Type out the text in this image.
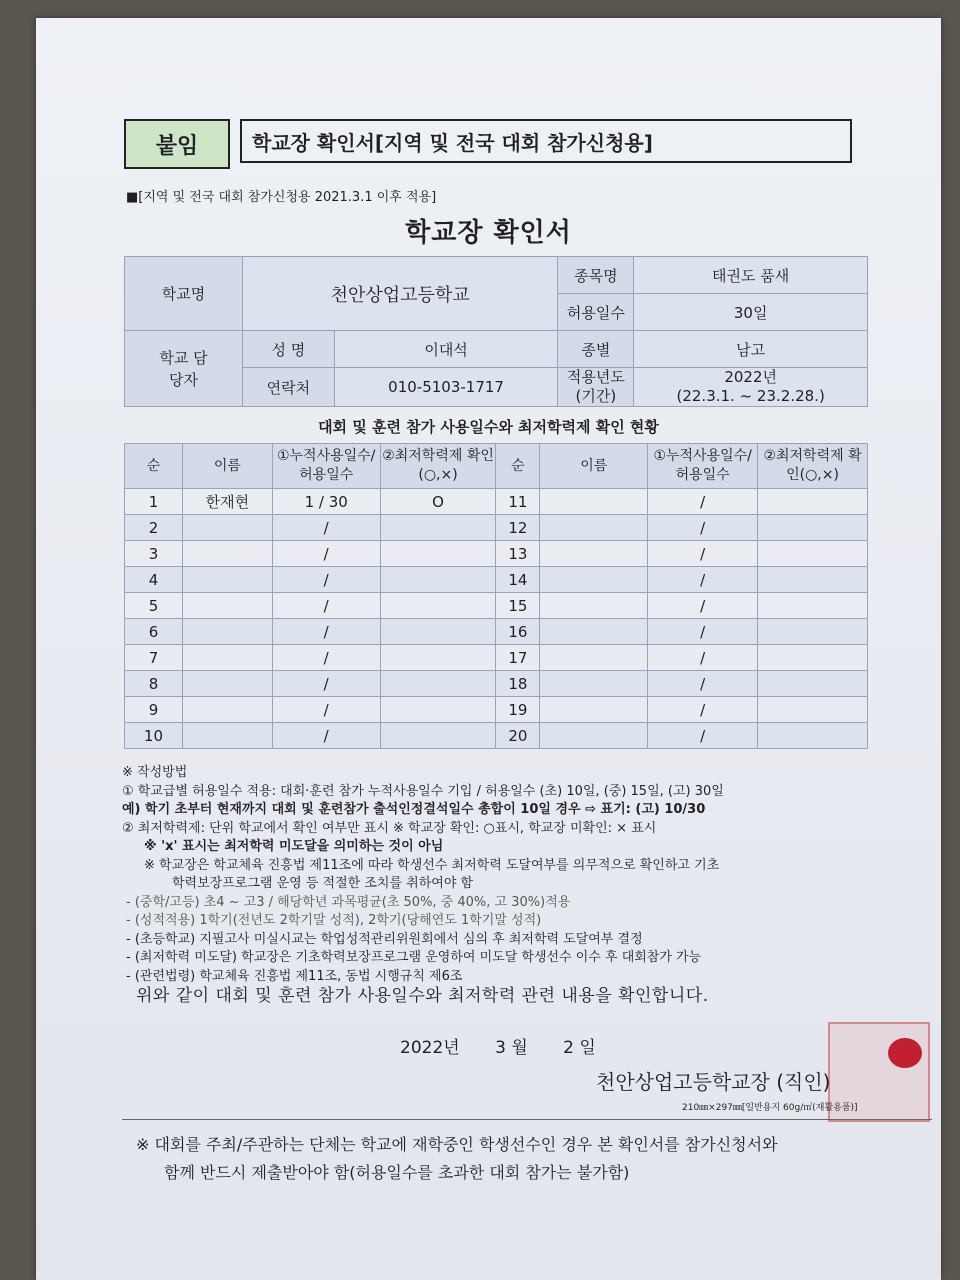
붙임	학교장 확인서[지역 및 전국 대회 참가신청용]
■[지역 및 전국 대회 참가신청용 2021.3.1 이후 적용]
학교장 확인서
학교명	천안상업고등학교		종목명	태권도 품새
			허용일수	30일
학교 담당자	성 명	이대석	종별	남고
	연락처	010-5103-1717	적용년도 (기간)	2022년
(22.3.1. ~ 23.2.28.)
대회 및 훈련 참가 사용일수와 최저학력제 확인 현황
순	이름	①누적사용일수/허용일수	②최저학력제 확인(○,×)	순	이름	①누적사용일수/허용일수	②최저학력제 확인(○,×)
1	한재현	1 / 30	O	11		/	
2		/		12		/	
3		/		13		/	
4		/		14		/	
5		/		15		/	
6		/		16		/	
7		/		17		/	
8		/		18		/	
9		/		19		/	
10		/		20		/	

※ 작성방법

① 학교급별 허용일수 적용: 대회·훈련 참가 누적사용일수 기입 / 허용일수 (초) 10일, (중) 15일, (고) 30일

예) 학기 초부터 현재까지 대회 및 훈련참가 출석인정결석일수 총합이 10일 경우 ⇨ 표기: (고) 10/30

② 최저학력제: 단위 학교에서 확인 여부만 표시 ※ 학교장 확인: ○표시, 학교장 미확인: × 표시

※ 'x' 표시는 최저학력 미도달을 의미하는 것이 아님

※ 학교장은 학교체육 진흥법 제11조에 따라 학생선수 최저학력 도달여부를 의무적으로 확인하고 기초

학력보장프로그램 운영 등 적절한 조치를 취하여야 함

- (중학/고등) 초4 ~ 고3 / 해당학년 과목평균(초 50%, 중 40%, 고 30%)적용

- (성적적용) 1학기(전년도 2학기말 성적), 2학기(당해연도 1학기말 성적)

- (초등학교) 지필고사 미실시교는 학업성적관리위원회에서 심의 후 최저학력 도달여부 결정

- (최저학력 미도달) 학교장은 기초학력보장프로그램 운영하여 미도달 학생선수 이수 후 대회참가 가능

- (관련법령) 학교체육 진흥법 제11조, 동법 시행규칙 제6조

위와 같이 대회 및 훈련 참가 사용일수와 최저학력 관련 내용을 확인합니다.
2022년 3 월 2 일
천안상업고등학교장 (직인)
210㎜×297㎜[일반용지 60g/㎡(재활용품)]

※ 대회를 주최/주관하는 단체는 학교에 재학중인 학생선수인 경우 본 확인서를 참가신청서와

함께 반드시 제출받아야 함(허용일수를 초과한 대회 참가는 불가함)
